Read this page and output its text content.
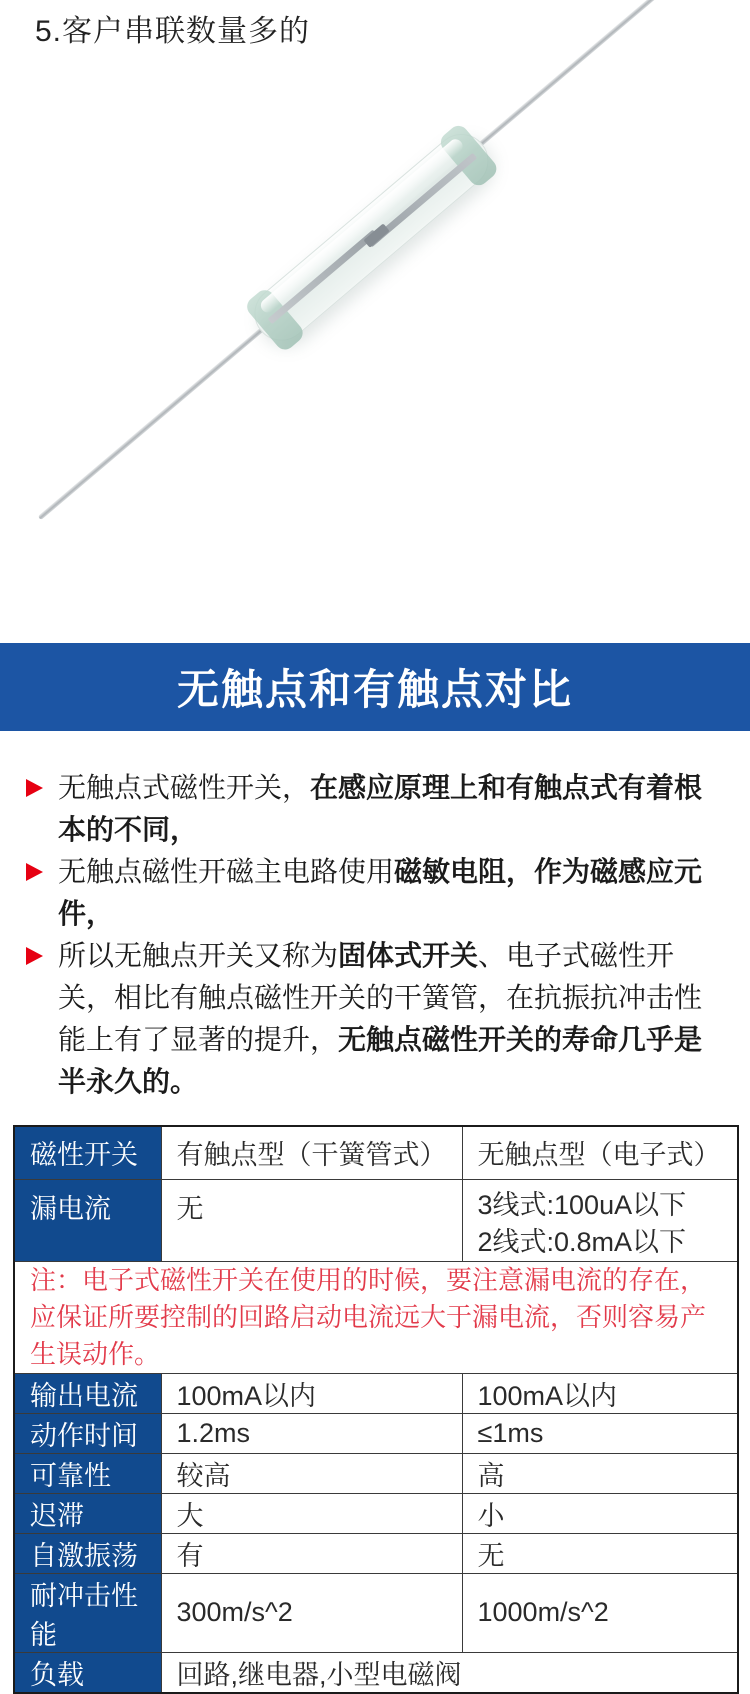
5.客户串联数量多的
无触点和有触点对比
无触点式磁性开关，在感应原理上和有触点式有着根本的不同，
无触点磁性开磁主电路使用磁敏电阻，作为磁感应元件，
所以无触点开关又称为固体式开关、电子式磁性开关，相比有触点磁性开关的干簧管，在抗振抗冲击性能上有了显著的提升，无触点磁性开关的寿命几乎是半永久的。
磁性开关	有触点型（干簧管式）	无触点型（电子式）
漏电流	无	3线式:100uA以下
2线式:0.8mA以下

注：电子式磁性开关在使用的时候，要注意漏电流的存在，应保证所要控制的回路启动电流远大于漏电流，否则容易产生误动作。		
输出电流	100mA以内	100mA以内
动作时间	1.2ms	≤1ms
可靠性	较高	高
迟滞	大	小
自激振荡	有	无
耐冲击性能	300m/s^2	1000m/s^2
负载	回路,继电器,小型电磁阀	
